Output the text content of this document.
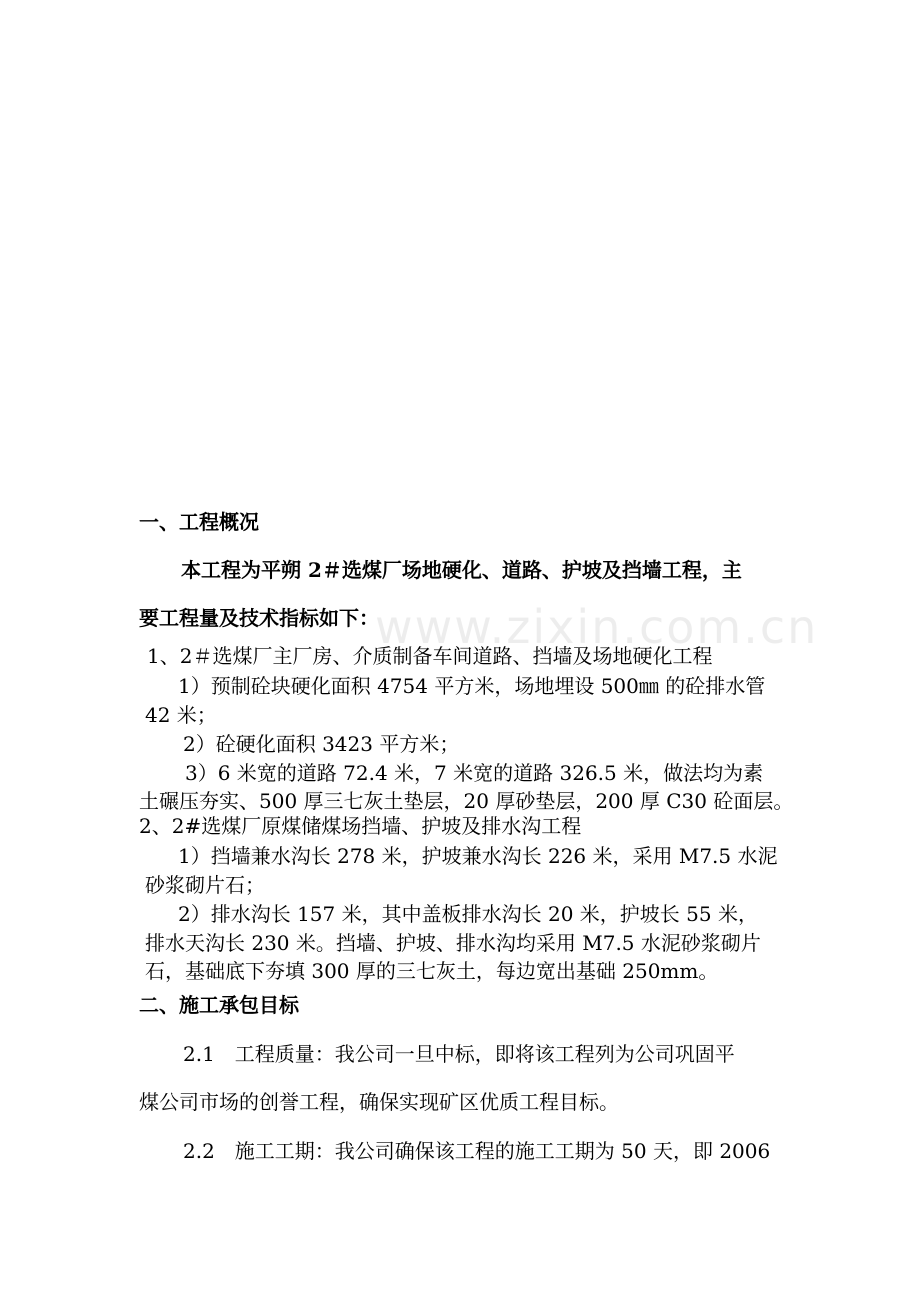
www.zixin.com.cn
一、工程概况
本工程为平朔 2＃选煤厂场地硬化、道路、护坡及挡墙工程，主
要工程量及技术指标如下：
1、2＃选煤厂主厂房、介质制备车间道路、挡墙及场地硬化工程
1）预制砼块硬化面积 4754 平方米，场地埋设 500㎜ 的砼排水管
42 米；
2）砼硬化面积 3423 平方米；
3）6 米宽的道路 72.4 米，7 米宽的道路 326.5 米，做法均为素
土碾压夯实、500 厚三七灰土垫层，20 厚砂垫层，200 厚 C30 砼面层。
2、2#选煤厂原煤储煤场挡墙、护坡及排水沟工程
1）挡墙兼水沟长 278 米，护坡兼水沟长 226 米，采用 M7.5 水泥
砂浆砌片石；
2）排水沟长 157 米，其中盖板排水沟长 20 米，护坡长 55 米，
排水天沟长 230 米。挡墙、护坡、排水沟均采用 M7.5 水泥砂浆砌片
石，基础底下夯填 300 厚的三七灰土，每边宽出基础 250mm。
二、施工承包目标
2.1　工程质量：我公司一旦中标，即将该工程列为公司巩固平
煤公司市场的创誉工程，确保实现矿区优质工程目标。
2.2　施工工期：我公司确保该工程的施工工期为 50 天，即 2006
